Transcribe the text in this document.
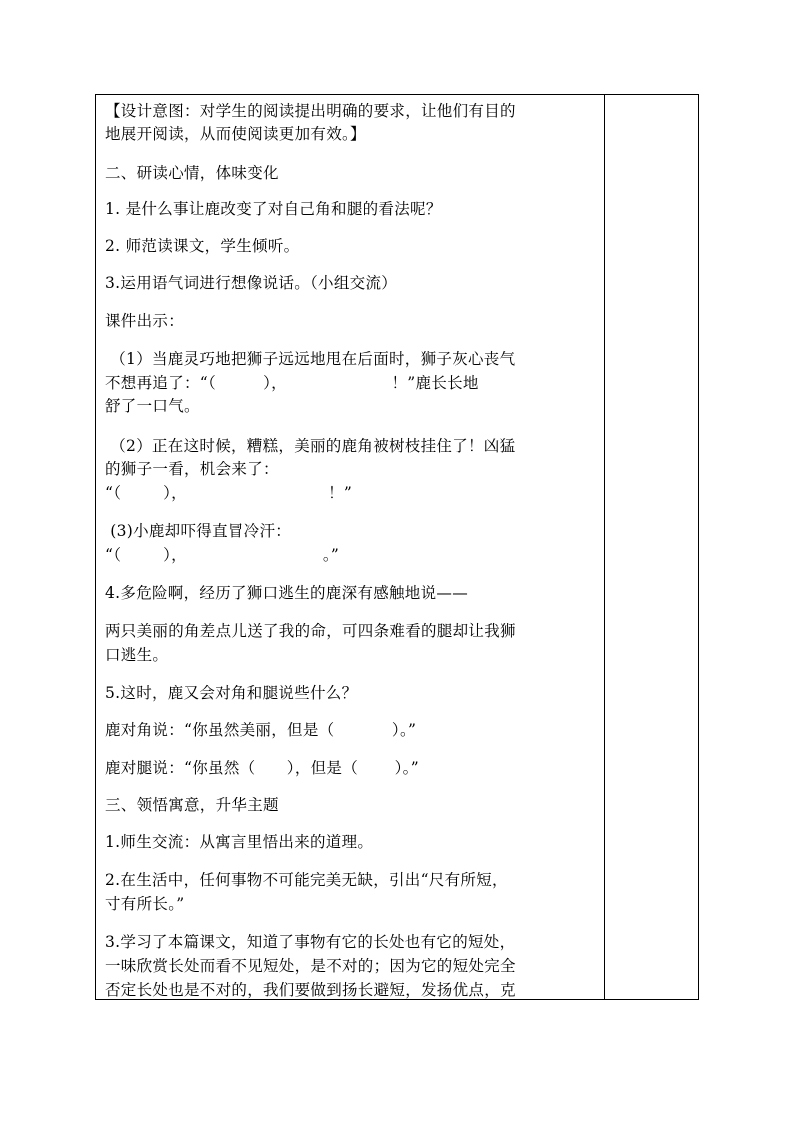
【设计意图：对学生的阅读提出明确的要求，让他们有目的
地展开阅读，从而使阅读更加有效。】
二、研读心情，体味变化
1. 是什么事让鹿改变了对自己角和腿的看法呢？
2. 师范读课文，学生倾听。
3.运用语气词进行想像说话。（小组交流）
课件出示：
（1）当鹿灵巧地把狮子远远地甩在后面时，狮子灰心丧气
不想再追了：“（         ），                    ！”鹿长长地
舒了一口气。
（2）正在这时候，糟糕，美丽的鹿角被树枝挂住了！凶猛
的狮子一看，机会来了：
“（        ），                           ！”
(3)小鹿却吓得直冒冷汗：
“（        ），                          。”
4.多危险啊，经历了狮口逃生的鹿深有感触地说——
两只美丽的角差点儿送了我的命，可四条难看的腿却让我狮
口逃生。
5.这时，鹿又会对角和腿说些什么？
鹿对角说：“你虽然美丽，但是（           ）。”
鹿对腿说：“你虽然（      ），但是（       ）。”
三、领悟寓意，升华主题
1.师生交流：从寓言里悟出来的道理。
2.在生活中，任何事物不可能完美无缺，引出“尺有所短，
寸有所长。”
3.学习了本篇课文，知道了事物有它的长处也有它的短处，
一味欣赏长处而看不见短处，是不对的；因为它的短处完全
否定长处也是不对的，我们要做到扬长避短，发扬优点，克
